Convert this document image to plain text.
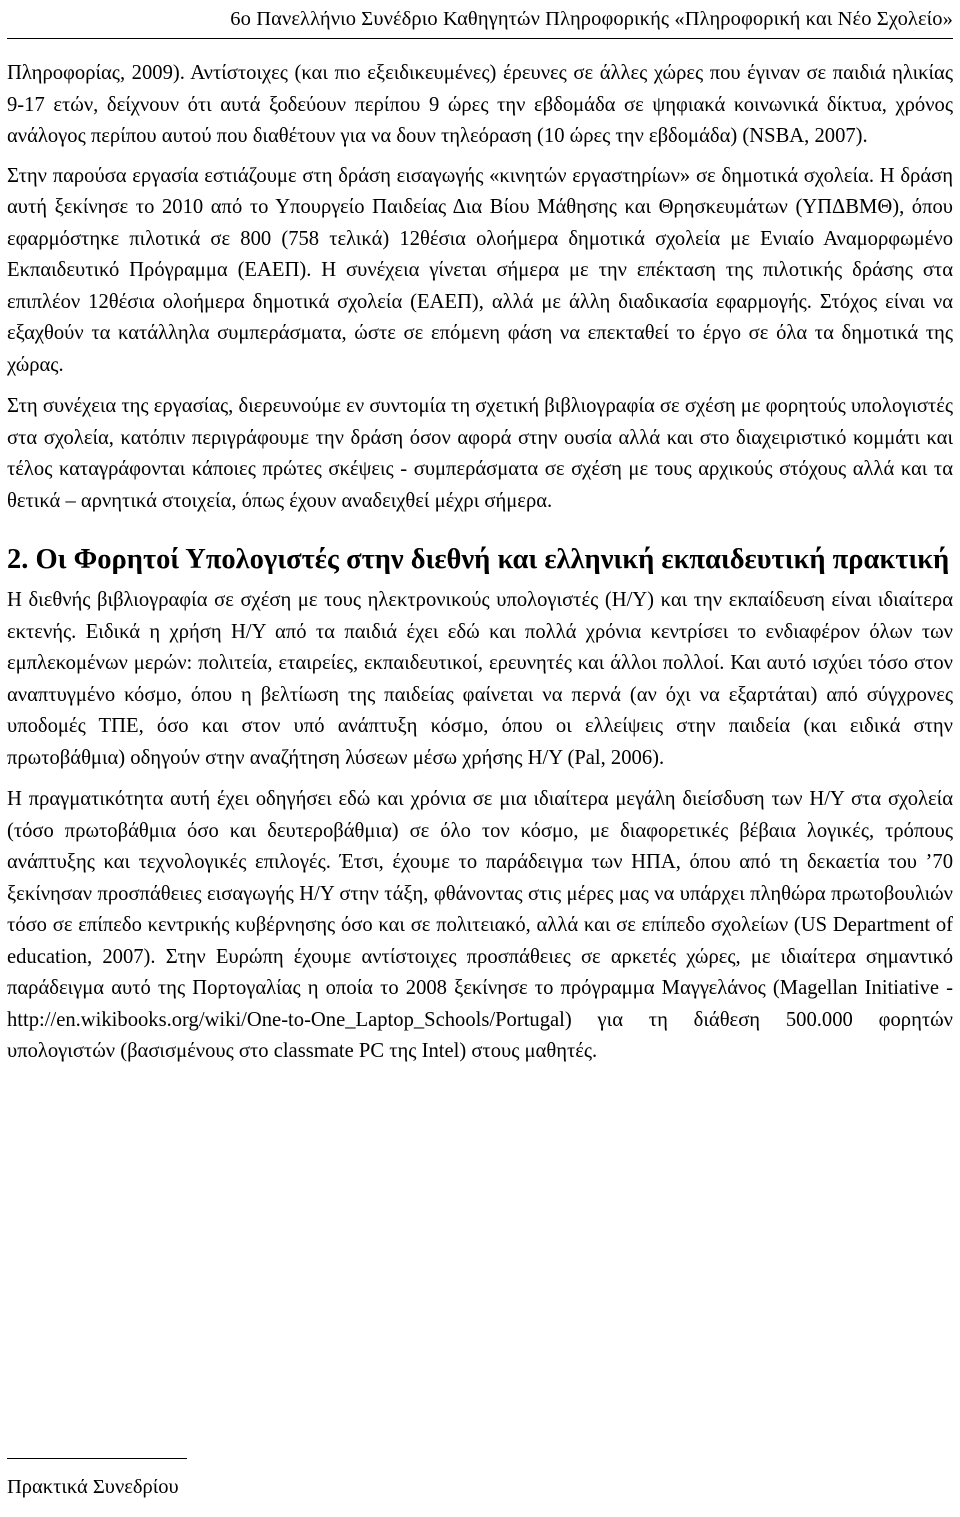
6ο Πανελλήνιο Συνέδριο Καθηγητών Πληροφορικής «Πληροφορική και Νέο Σχολείο»

Πληροφορίας, 2009). Αντίστοιχες (και πιο εξειδικευμένες) έρευνες σε άλλες χώρες που έγιναν σε παιδιά ηλικίας 9-17 ετών, δείχνουν ότι αυτά ξοδεύουν περίπου 9 ώρες την εβδομάδα σε ψηφιακά κοινωνικά δίκτυα, χρόνος ανάλογος περίπου αυτού που διαθέτουν για να δουν τηλεόραση (10 ώρες την εβδομάδα) (NSBA, 2007).

Στην παρούσα εργασία εστιάζουμε στη δράση εισαγωγής «κινητών εργαστηρίων» σε δημοτικά σχολεία. Η δράση αυτή ξεκίνησε το 2010 από το Υπουργείο Παιδείας Δια Βίου Μάθησης και Θρησκευμάτων (ΥΠΔΒΜΘ), όπου εφαρμόστηκε πιλοτικά σε 800 (758 τελικά) 12θέσια ολοήμερα δημοτικά σχολεία με Ενιαίο Αναμορφωμένο Εκπαιδευτικό Πρόγραμμα (ΕΑΕΠ). Η συνέχεια γίνεται σήμερα με την επέκταση της πιλοτικής δράσης στα επιπλέον 12θέσια ολοήμερα δημοτικά σχολεία (ΕΑΕΠ), αλλά με άλλη διαδικασία εφαρμογής. Στόχος είναι να εξαχθούν τα κατάλληλα συμπεράσματα, ώστε σε επόμενη φάση να επεκταθεί το έργο σε όλα τα δημοτικά της χώρας.

Στη συνέχεια της εργασίας, διερευνούμε εν συντομία τη σχετική βιβλιογραφία σε σχέση με φορητούς υπολογιστές στα σχολεία, κατόπιν περιγράφουμε την δράση όσον αφορά στην ουσία αλλά και στο διαχειριστικό κομμάτι και τέλος καταγράφονται κάποιες πρώτες σκέψεις - συμπεράσματα σε σχέση με τους αρχικούς στόχους αλλά και τα θετικά – αρνητικά στοιχεία, όπως έχουν αναδειχθεί μέχρι σήμερα.

2. Οι Φορητοί Υπολογιστές στην διεθνή και ελληνική εκπαιδευτική πρακτική

Η διεθνής βιβλιογραφία σε σχέση με τους ηλεκτρονικούς υπολογιστές (Η/Υ) και την εκπαίδευση είναι ιδιαίτερα εκτενής. Ειδικά η χρήση Η/Υ από τα παιδιά έχει εδώ και πολλά χρόνια κεντρίσει το ενδιαφέρον όλων των εμπλεκομένων μερών: πολιτεία, εταιρείες, εκπαιδευτικοί, ερευνητές και άλλοι πολλοί. Και αυτό ισχύει τόσο στον αναπτυγμένο κόσμο, όπου η βελτίωση της παιδείας φαίνεται να περνά (αν όχι να εξαρτάται) από σύγχρονες υποδομές ΤΠΕ, όσο και στον υπό ανάπτυξη κόσμο, όπου οι ελλείψεις στην παιδεία (και ειδικά στην πρωτοβάθμια) οδηγούν στην αναζήτηση λύσεων μέσω χρήσης Η/Υ (Pal, 2006).

Η πραγματικότητα αυτή έχει οδηγήσει εδώ και χρόνια σε μια ιδιαίτερα μεγάλη διείσδυση των Η/Υ στα σχολεία (τόσο πρωτοβάθμια όσο και δευτεροβάθμια) σε όλο τον κόσμο, με διαφορετικές βέβαια λογικές, τρόπους ανάπτυξης και τεχνολογικές επιλογές. Έτσι, έχουμε το παράδειγμα των ΗΠΑ, όπου από τη δεκαετία του ’70 ξεκίνησαν προσπάθειες εισαγωγής Η/Υ στην τάξη, φθάνοντας στις μέρες μας να υπάρχει πληθώρα πρωτοβουλιών τόσο σε επίπεδο κεντρικής κυβέρνησης όσο και σε πολιτειακό, αλλά και σε επίπεδο σχολείων (US Department of education, 2007). Στην Ευρώπη έχουμε αντίστοιχες προσπάθειες σε αρκετές χώρες, με ιδιαίτερα σημαντικό παράδειγμα αυτό της Πορτογαλίας η οποία το 2008 ξεκίνησε το πρόγραμμα Μαγγελάνος (Magellan Initiative - http://en.wikibooks.org/wiki/One-to-One_Laptop_Schools/Portugal) για τη διάθεση 500.000 φορητών υπολογιστών (βασισμένους στο classmate PC της Intel) στους μαθητές.

Πρακτικά Συνεδρίου
